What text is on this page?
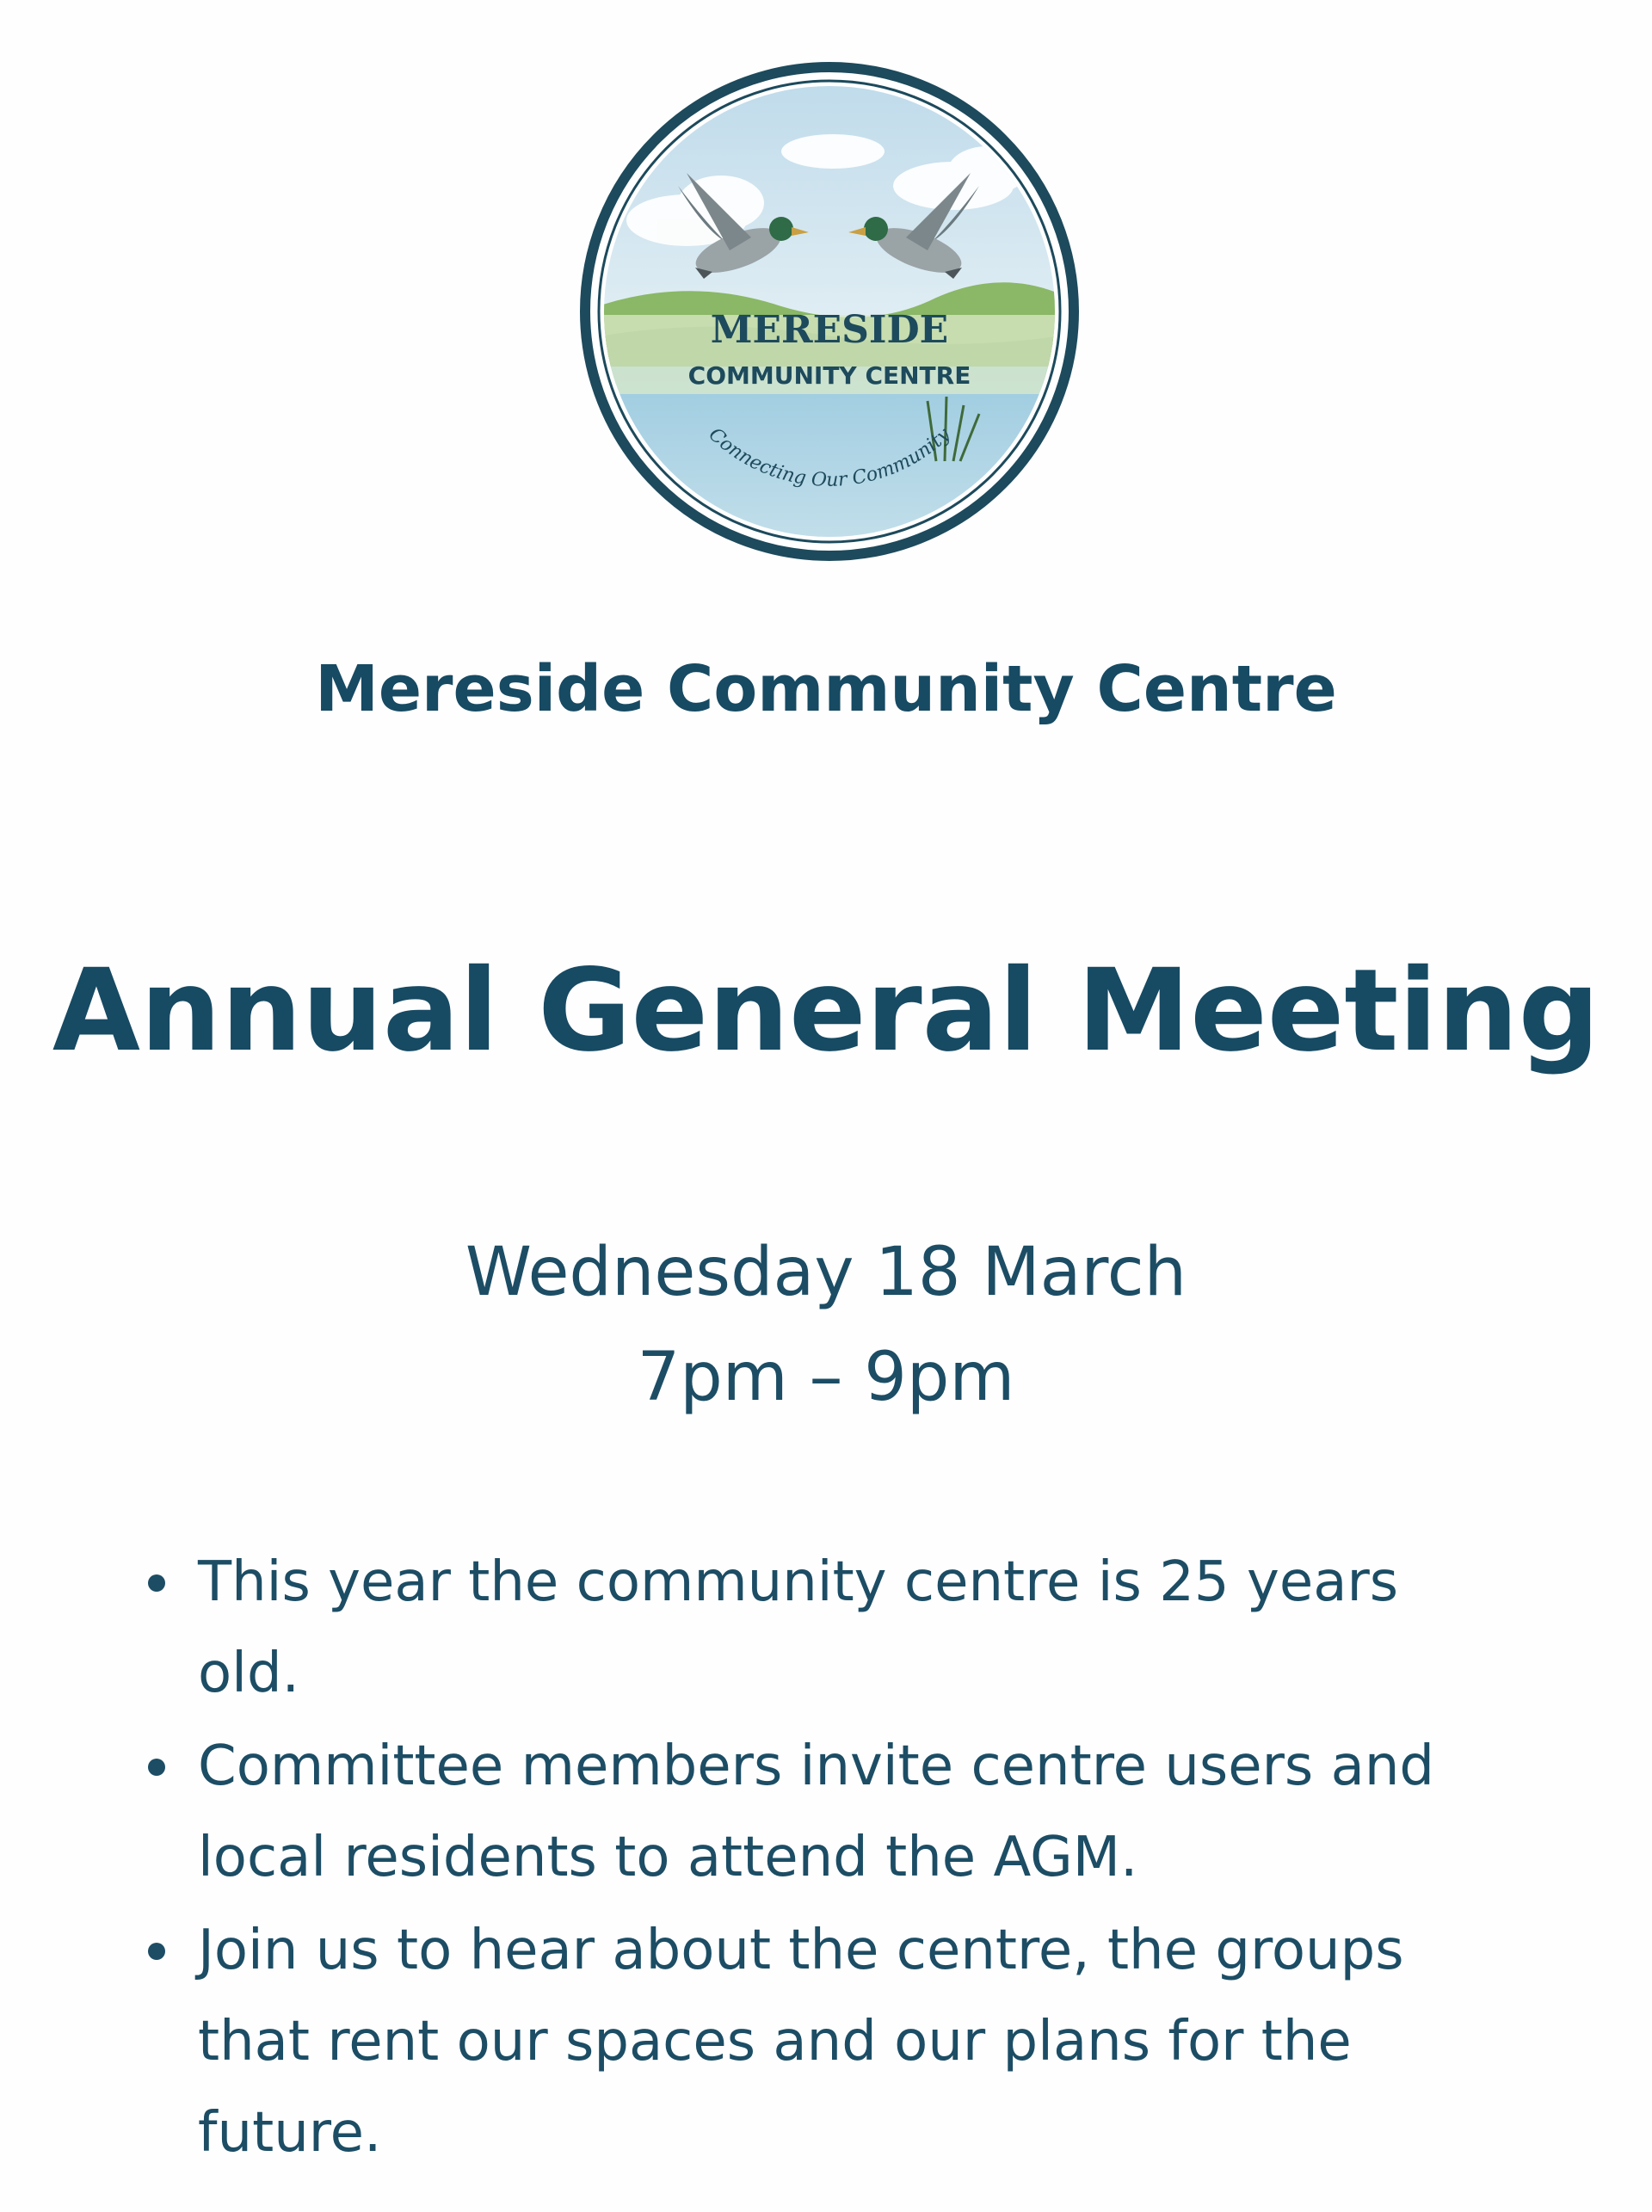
MERESIDE
COMMUNITY CENTRE
Connecting Our Community
Mereside Community Centre
Annual General Meeting
Wednesday 18 March
7pm – 9pm
This year the community centre is 25 years
old.
Committee members invite centre users and
local residents to attend the AGM.
Join us to hear about the centre, the groups
that rent our spaces and our plans for the
future.
